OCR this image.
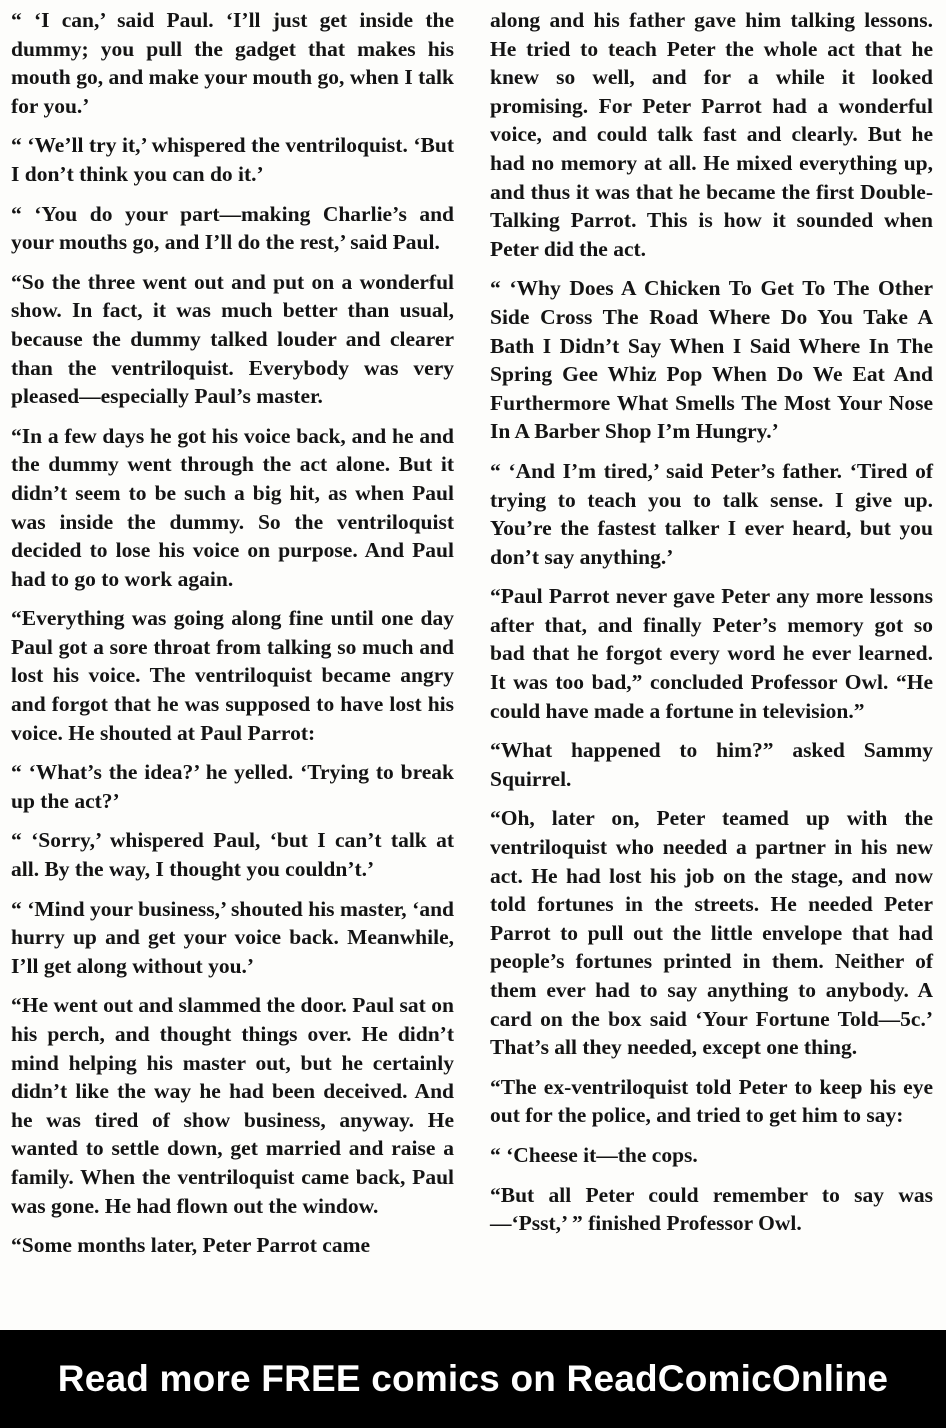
“ ‘I can,’ said Paul. ‘I’ll just get inside the dummy; you pull the gadget that makes his mouth go, and make your mouth go, when I talk for you.’

“ ‘We’ll try it,’ whispered the ventriloquist. ‘But I don’t think you can do it.’

“ ‘You do your part—making Charlie’s and your mouths go, and I’ll do the rest,’ said Paul.

“So the three went out and put on a wonderful show. In fact, it was much better than usual, because the dummy talked louder and clearer than the ventriloquist. Everybody was very pleased—especially Paul’s master.

“In a few days he got his voice back, and he and the dummy went through the act alone. But it didn’t seem to be such a big hit, as when Paul was inside the dummy. So the ventriloquist decided to lose his voice on purpose. And Paul had to go to work again.

“Everything was going along fine until one day Paul got a sore throat from talking so much and lost his voice. The ventriloquist became angry and forgot that he was supposed to have lost his voice. He shouted at Paul Parrot:

“ ‘What’s the idea?’ he yelled. ‘Trying to break up the act?’

“ ‘Sorry,’ whispered Paul, ‘but I can’t talk at all. By the way, I thought you couldn’t.’

“ ‘Mind your business,’ shouted his master, ‘and hurry up and get your voice back. Meanwhile, I’ll get along without you.’

“He went out and slammed the door. Paul sat on his perch, and thought things over. He didn’t mind helping his master out, but he certainly didn’t like the way he had been deceived. And he was tired of show business, anyway. He wanted to settle down, get married and raise a family. When the ventriloquist came back, Paul was gone. He had flown out the window.

“Some months later, Peter Parrot came

along and his father gave him talking lessons. He tried to teach Peter the whole act that he knew so well, and for a while it looked promising. For Peter Parrot had a wonderful voice, and could talk fast and clearly. But he had no memory at all. He mixed everything up, and thus it was that he became the first Double-Talking Parrot. This is how it sounded when Peter did the act.

“ ‘Why Does A Chicken To Get To The Other Side Cross The Road Where Do You Take A Bath I Didn’t Say When I Said Where In The Spring Gee Whiz Pop When Do We Eat And Furthermore What Smells The Most Your Nose In A Barber Shop I’m Hungry.’

“ ‘And I’m tired,’ said Peter’s father. ‘Tired of trying to teach you to talk sense. I give up. You’re the fastest talker I ever heard, but you don’t say anything.’

“Paul Parrot never gave Peter any more lessons after that, and finally Peter’s memory got so bad that he forgot every word he ever learned. It was too bad,” concluded Professor Owl. “He could have made a fortune in television.”

“What happened to him?” asked Sammy Squirrel.

“Oh, later on, Peter teamed up with the ventriloquist who needed a partner in his new act. He had lost his job on the stage, and now told fortunes in the streets. He needed Peter Parrot to pull out the little envelope that had people’s fortunes printed in them. Neither of them ever had to say anything to anybody. A card on the box said ‘Your Fortune Told—5c.’ That’s all they needed, except one thing.

“The ex-ventriloquist told Peter to keep his eye out for the police, and tried to get him to say:

“ ‘Cheese it—the cops.

“But all Peter could remember to say was —‘Psst,’ ” finished Professor Owl.

Read more FREE comics on ReadComicOnline
